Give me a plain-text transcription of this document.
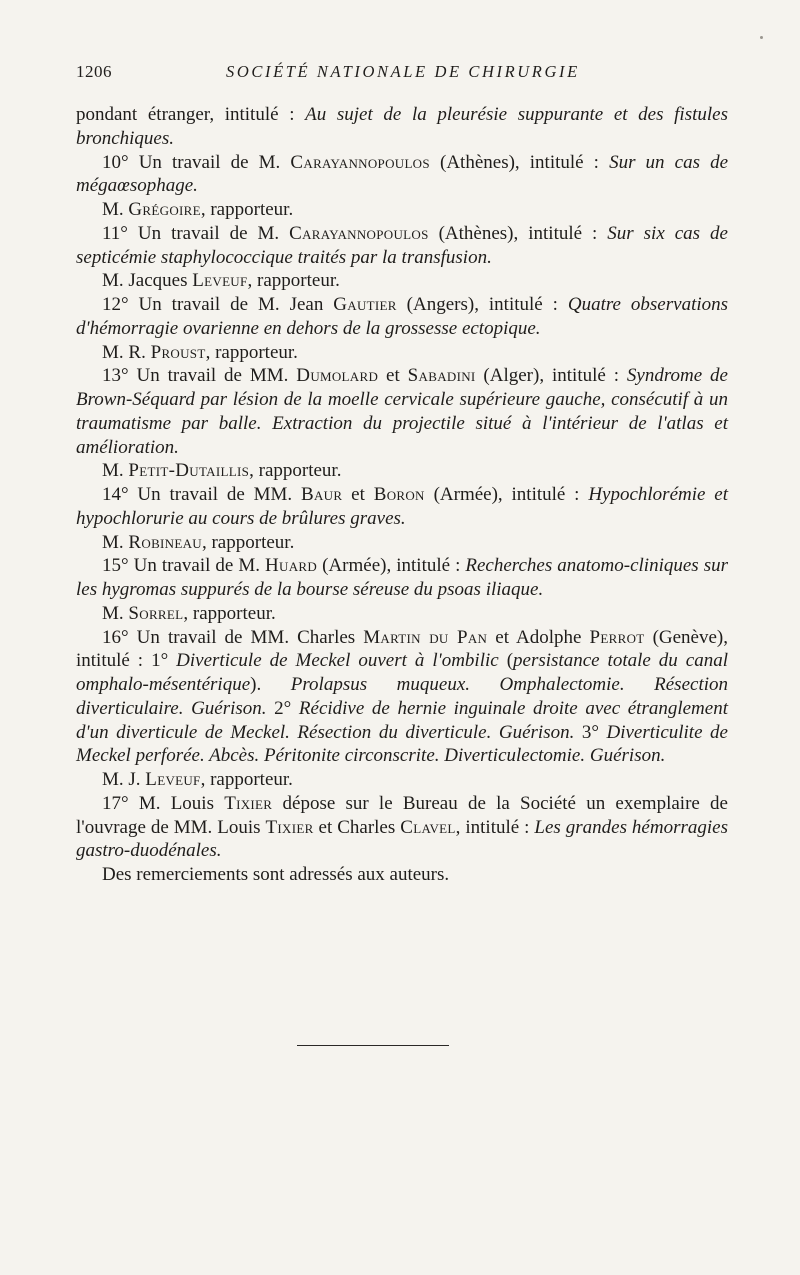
1206	SOCIÉTÉ NATIONALE DE CHIRURGIE

pondant étranger, intitulé : Au sujet de la pleurésie suppurante et des fistules bronchiques.

10° Un travail de M. Carayannopoulos (Athènes), intitulé : Sur un cas de mégaœsophage.

M. Grégoire, rapporteur.

11° Un travail de M. Carayannopoulos (Athènes), intitulé : Sur six cas de septicémie staphylococcique traités par la transfusion.

M. Jacques Leveuf, rapporteur.

12° Un travail de M. Jean Gautier (Angers), intitulé : Quatre observations d'hémorragie ovarienne en dehors de la grossesse ectopique.

M. R. Proust, rapporteur.

13° Un travail de MM. Dumolard et Sabadini (Alger), intitulé : Syndrome de Brown-Séquard par lésion de la moelle cervicale supérieure gauche, consécutif à un traumatisme par balle. Extraction du projectile situé à l'intérieur de l'atlas et amélioration.

M. Petit-Dutaillis, rapporteur.

14° Un travail de MM. Baur et Boron (Armée), intitulé : Hypochlorémie et hypochlorurie au cours de brûlures graves.

M. Robineau, rapporteur.

15° Un travail de M. Huard (Armée), intitulé : Recherches anatomo-cliniques sur les hygromas suppurés de la bourse séreuse du psoas iliaque.

M. Sorrel, rapporteur.

16° Un travail de MM. Charles Martin du Pan et Adolphe Perrot (Genève), intitulé : 1° Diverticule de Meckel ouvert à l'ombilic (persistance totale du canal omphalo-mésentérique). Prolapsus muqueux. Omphalectomie. Résection diverticulaire. Guérison. 2° Récidive de hernie inguinale droite avec étranglement d'un diverticule de Meckel. Résection du diverticule. Guérison. 3° Diverticulite de Meckel perforée. Abcès. Péritonite circonscrite. Diverticulectomie. Guérison.

M. J. Leveuf, rapporteur.

17° M. Louis Tixier dépose sur le Bureau de la Société un exemplaire de l'ouvrage de MM. Louis Tixier et Charles Clavel, intitulé : Les grandes hémorragies gastro-duodénales.

Des remerciements sont adressés aux auteurs.
